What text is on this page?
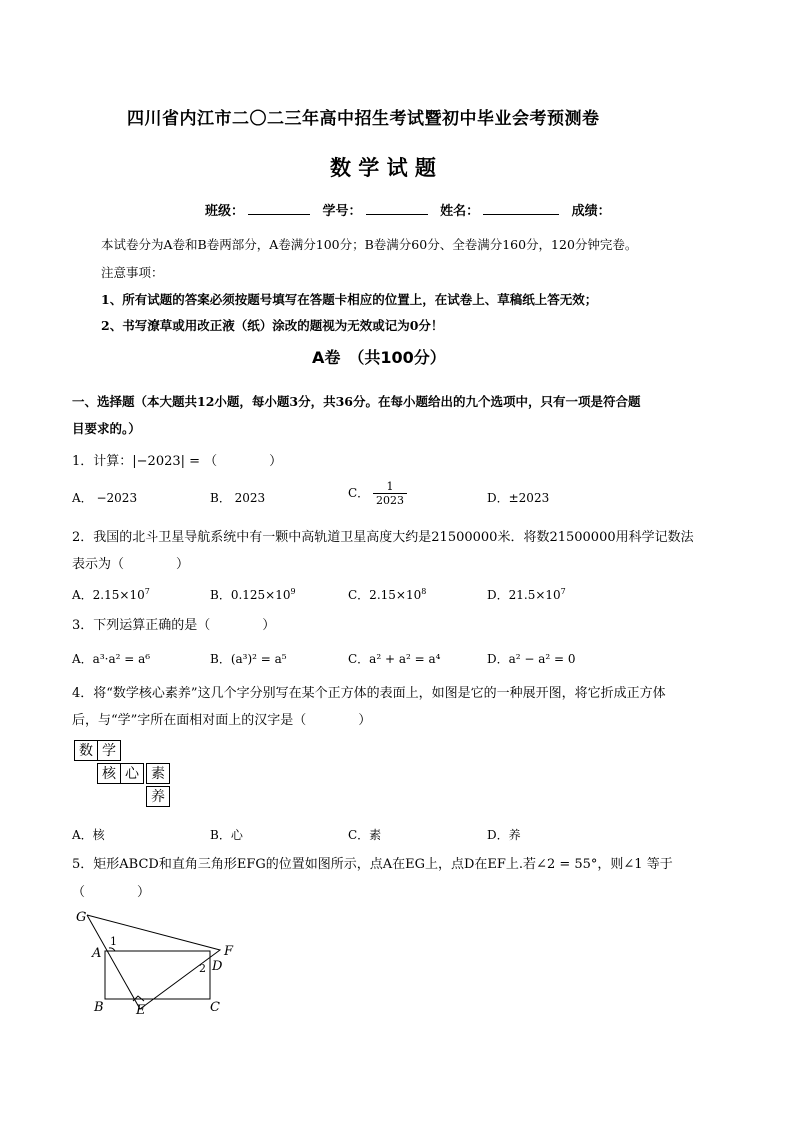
四川省内江市二〇二三年高中招生考试暨初中毕业会考预测卷
数 学 试 题
班级：	学号：	姓名：	成绩：
本试卷分为A卷和B卷两部分，A卷满分100分；B卷满分60分、全卷满分160分，120分钟完卷。
注意事项：
1、所有试题的答案必须按题号填写在答题卡相应的位置上，在试卷上、草稿纸上答无效；
2、书写潦草或用改正液（纸）涂改的题视为无效或记为0分！
A卷　（共100分）
一、选择题（本大题共12小题，每小题3分，共36分。在每小题给出的九个选项中，只有一项是符合题
目要求的。）
1．计算：|−2023| = （　　　　）
A． −2023	B． 2023	C． $\frac{1}{2023}$	D．±2023
2．我国的北斗卫星导航系统中有一颗中高轨道卫星高度大约是21500000米．将数21500000用科学记数法
表示为（　　　　）
A．$2.15\times 10^7$	B．$0.125\times 10^9$	C．$2.15\times 10^8$	D．$21.5\times 10^7$
3．下列运算正确的是（　　　　）
A．a³·a² = a⁶	B．(a³)² = a⁵	C．a² + a² = a⁴	D．a² − a² = 0
4．将“数学核心素养”这几个字分别写在某个正方体的表面上，如图是它的一种展开图，将它折成正方体
后，与“学”字所在面相对面上的汉字是（　　　　）
数 学
核 心 素
养
A．核	B．心	C．素	D．养
5．矩形ABCD和直角三角形EFG的位置如图所示，点A在EG上，点D在EF上.若∠2 = 55°，则∠1 等于
（　　　　）
G
A
1
F
2 D
B E	C
